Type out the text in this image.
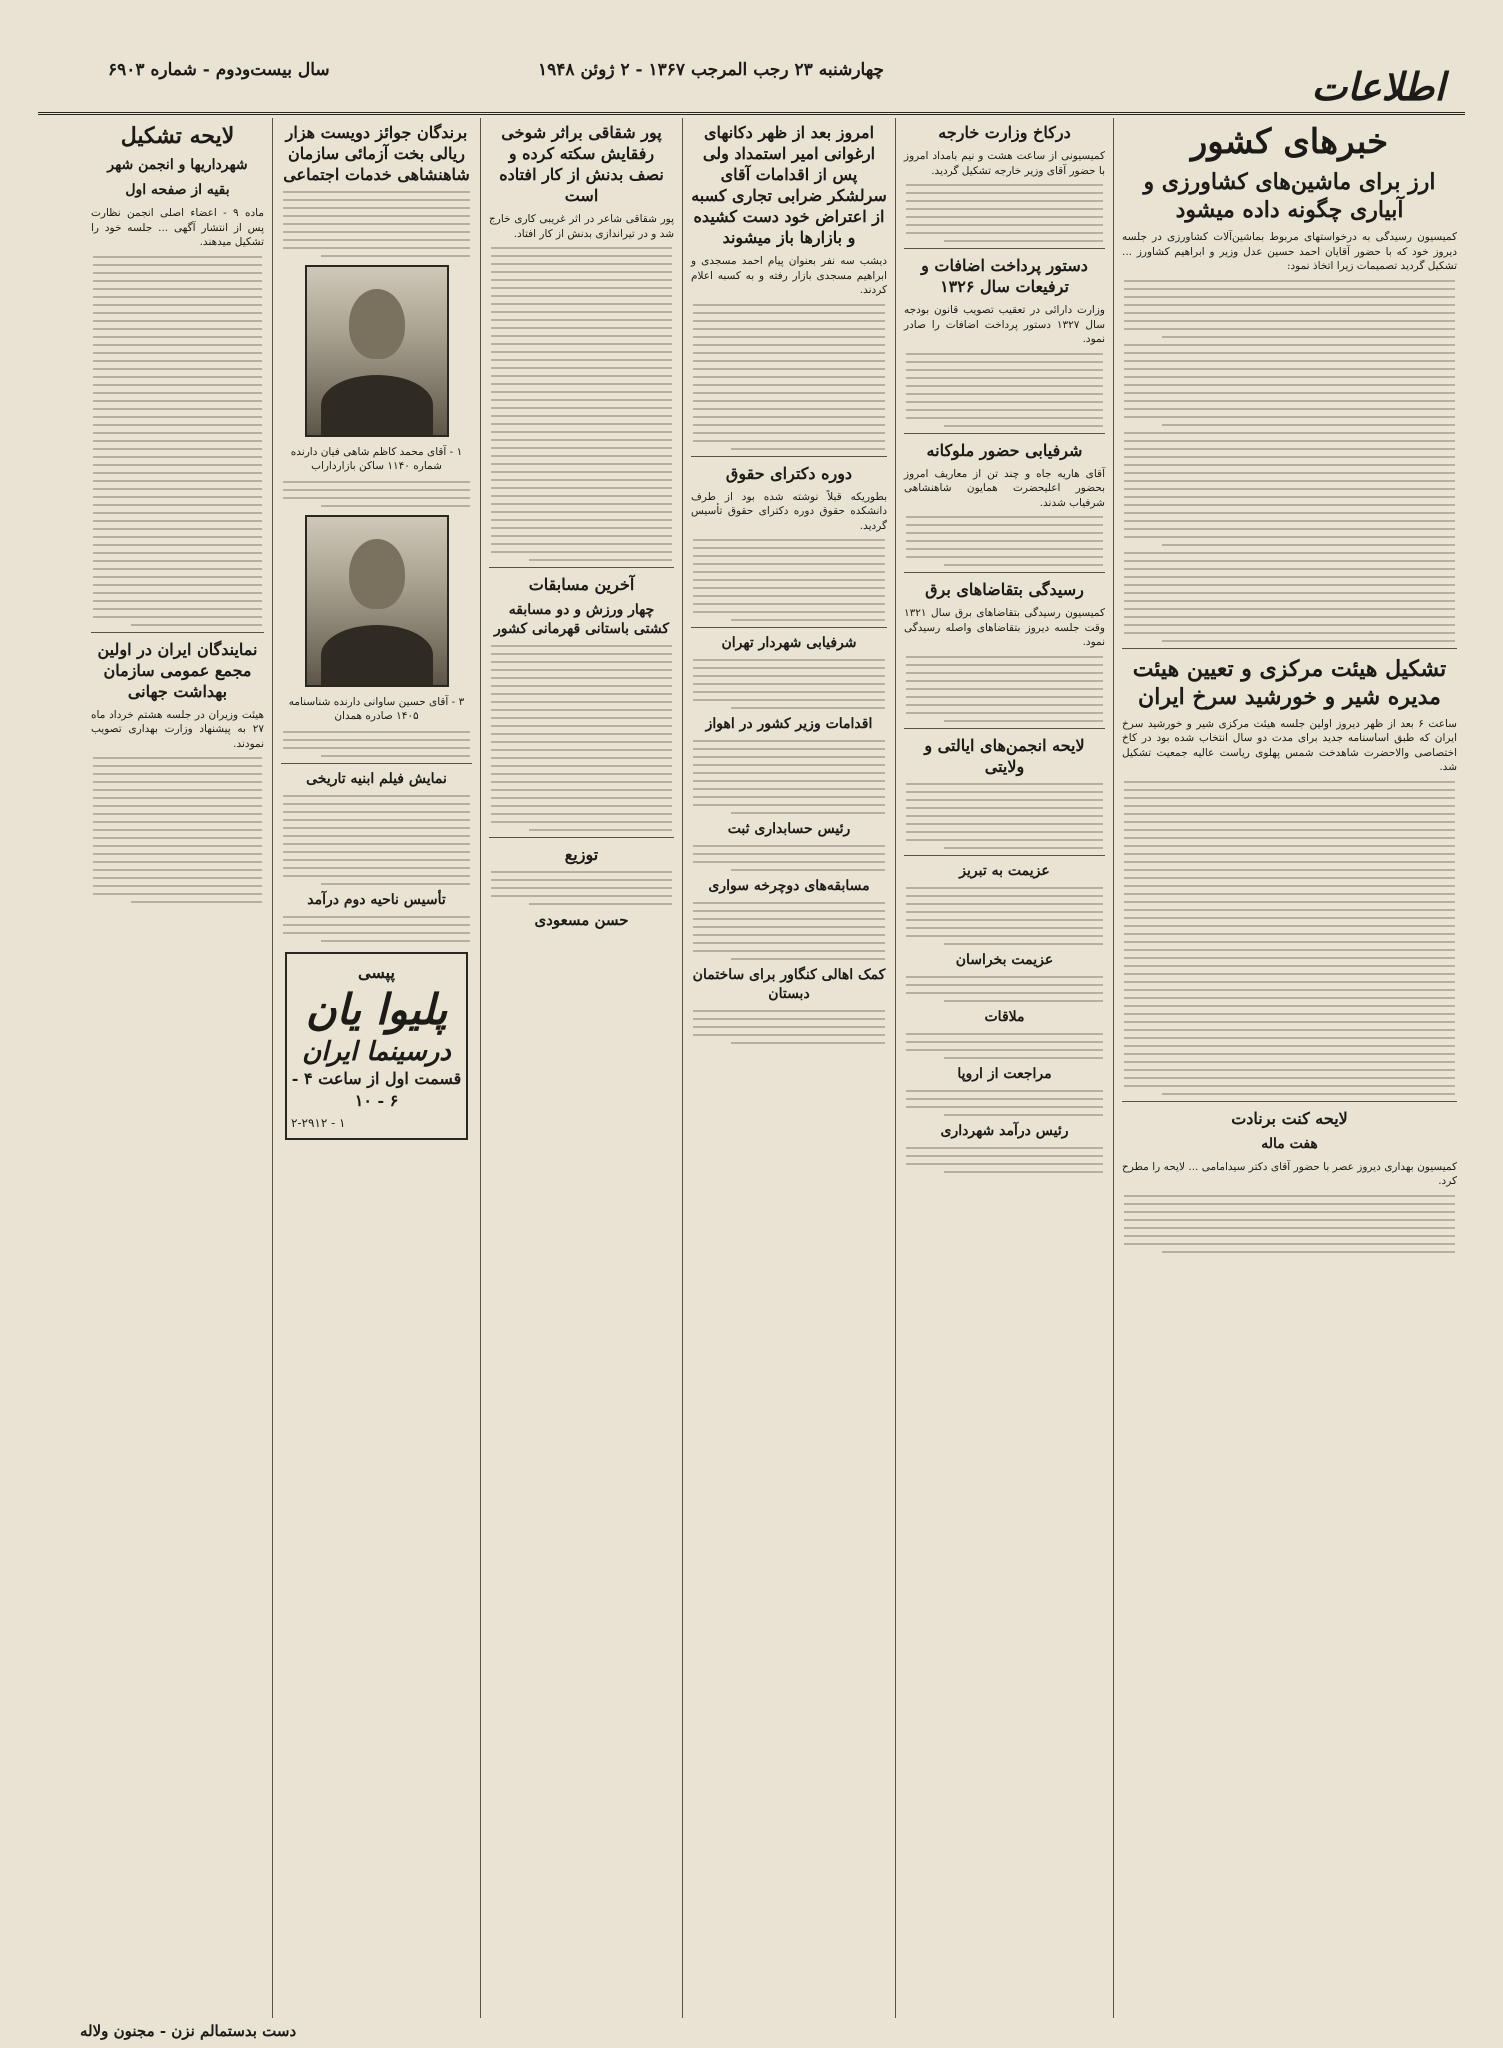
اطلاعات
چهارشنبه ۲۳ رجب المرجب ۱۳۶۷ - ۲ ژوئن ۱۹۴۸
سال بیست‌ودوم - شماره ۶۹۰۳
خبرهای کشور
ارز برای ماشین‌های کشاورزی و آبیاری چگونه داده میشود

کمیسیون رسیدگی به درخواستهای مربوط بماشین‌آلات کشاورزی در جلسه دیروز خود که با حضور آقایان احمد حسین عدل وزیر و ابراهیم کشاورز ... تشکیل گردید تصمیمات زیرا اتخاذ نمود:

تشکیل هیئت مرکزی و تعیین هیئت مدیره شیر و خورشید سرخ ایران

ساعت ۶ بعد از ظهر دیروز اولین جلسه هیئت مرکزی شیر و خورشید سرخ ایران که طبق اساسنامه جدید برای مدت دو سال انتخاب شده بود در کاخ اختصاصی والاحضرت شاهدخت شمس پهلوی ریاست عالیه جمعیت تشکیل شد.

لایحه کنت برنادت
هفت ماله

کمیسیون بهداری دیروز عصر با حضور آقای دکتر سیدامامی ... لایحه را مطرح کرد.

درکاخ وزارت خارجه

کمیسیونی از ساعت هشت و نیم بامداد امروز با حضور آقای وزیر خارجه تشکیل گردید.

دستور پرداخت اضافات و ترفیعات سال ۱۳۲۶

وزارت دارائی در تعقیب تصویب قانون بودجه سال ۱۳۲۷ دستور پرداخت اضافات را صادر نمود.

شرفیابی حضور ملوکانه

آقای هاریه جاه و چند تن از معاریف امروز بحضور اعلیحضرت همایون شاهنشاهی شرفیاب شدند.

رسیدگی بتقاضاهای برق

کمیسیون رسیدگی بتقاضاهای برق سال ۱۳۲۱ وقت جلسه دیروز بتقاضاهای واصله رسیدگی نمود.

لایحه انجمن‌های ایالتی و ولایتی
عزیمت به تبریز
عزیمت بخراسان
ملاقات
مراجعت از اروپا
رئیس درآمد شهرداری
امروز بعد از ظهر دکانهای ارغوانی امیر استمداد ولی پس از اقدامات آقای سرلشکر ضرابی تجاری کسبه از اعتراض خود دست کشیده و بازارها باز میشوند

دیشب سه نفر بعنوان پیام احمد مسجدی و ابراهیم مسجدی بازار رفته و به کسبه اعلام کردند.

دوره دکترای حقوق

بطوریکه قبلاً نوشته شده بود از طرف دانشکده حقوق دوره دکترای حقوق تأسیس گردید.

شرفیابی شهردار تهران
اقدامات وزیر کشور در اهواز
رئیس حسابداری ثبت
مسابقه‌های دوچرخه سواری
کمک اهالی کنگاور برای ساختمان دبستان
پور شقاقی براثر شوخی رفقایش سکته کرده و نصف بدنش از کار افتاده است

پور شقاقی شاعر در اثر غریبی کاری خارج شد و در تیراندازی بدنش از کار افتاد.

آخرین مسابقات
چهار ورزش و دو مسابقه کشتی باستانی قهرمانی کشور
توزیع
حسن مسعودی
برندگان جوائز دویست هزار ریالی بخت آزمائی سازمان شاهنشاهی خدمات اجتماعی
۱ - آقای محمد کاظم شاهی فیان دارنده شماره ۱۱۴۰ ساکن بازارداراب
۳ - آقای حسین ساوانی دارنده شناسنامه ۱۴۰۵ صادره همدان
نمایش فیلم ابنیه تاریخی
تأسیس ناحیه دوم درآمد
پپسی
پلیوا یان
درسینما ایران
قسمت اول از ساعت ۴ - ۶ - ۱۰
۲-۲۹۱۲ - ۱
لایحه تشکیل
شهرداریها و انجمن شهر
بقیه از صفحه اول

ماده ۹ - اعضاء اصلی انجمن نظارت پس از انتشار آگهی ... جلسه خود را تشکیل میدهند.

نمایندگان ایران در اولین مجمع عمومی سازمان بهداشت جهانی

هیئت وزیران در جلسه هشتم خرداد ماه ۲۷ به پیشنهاد وزارت بهداری تصویب نمودند.

دست بدستمالم نزن - مجنون ولاله
